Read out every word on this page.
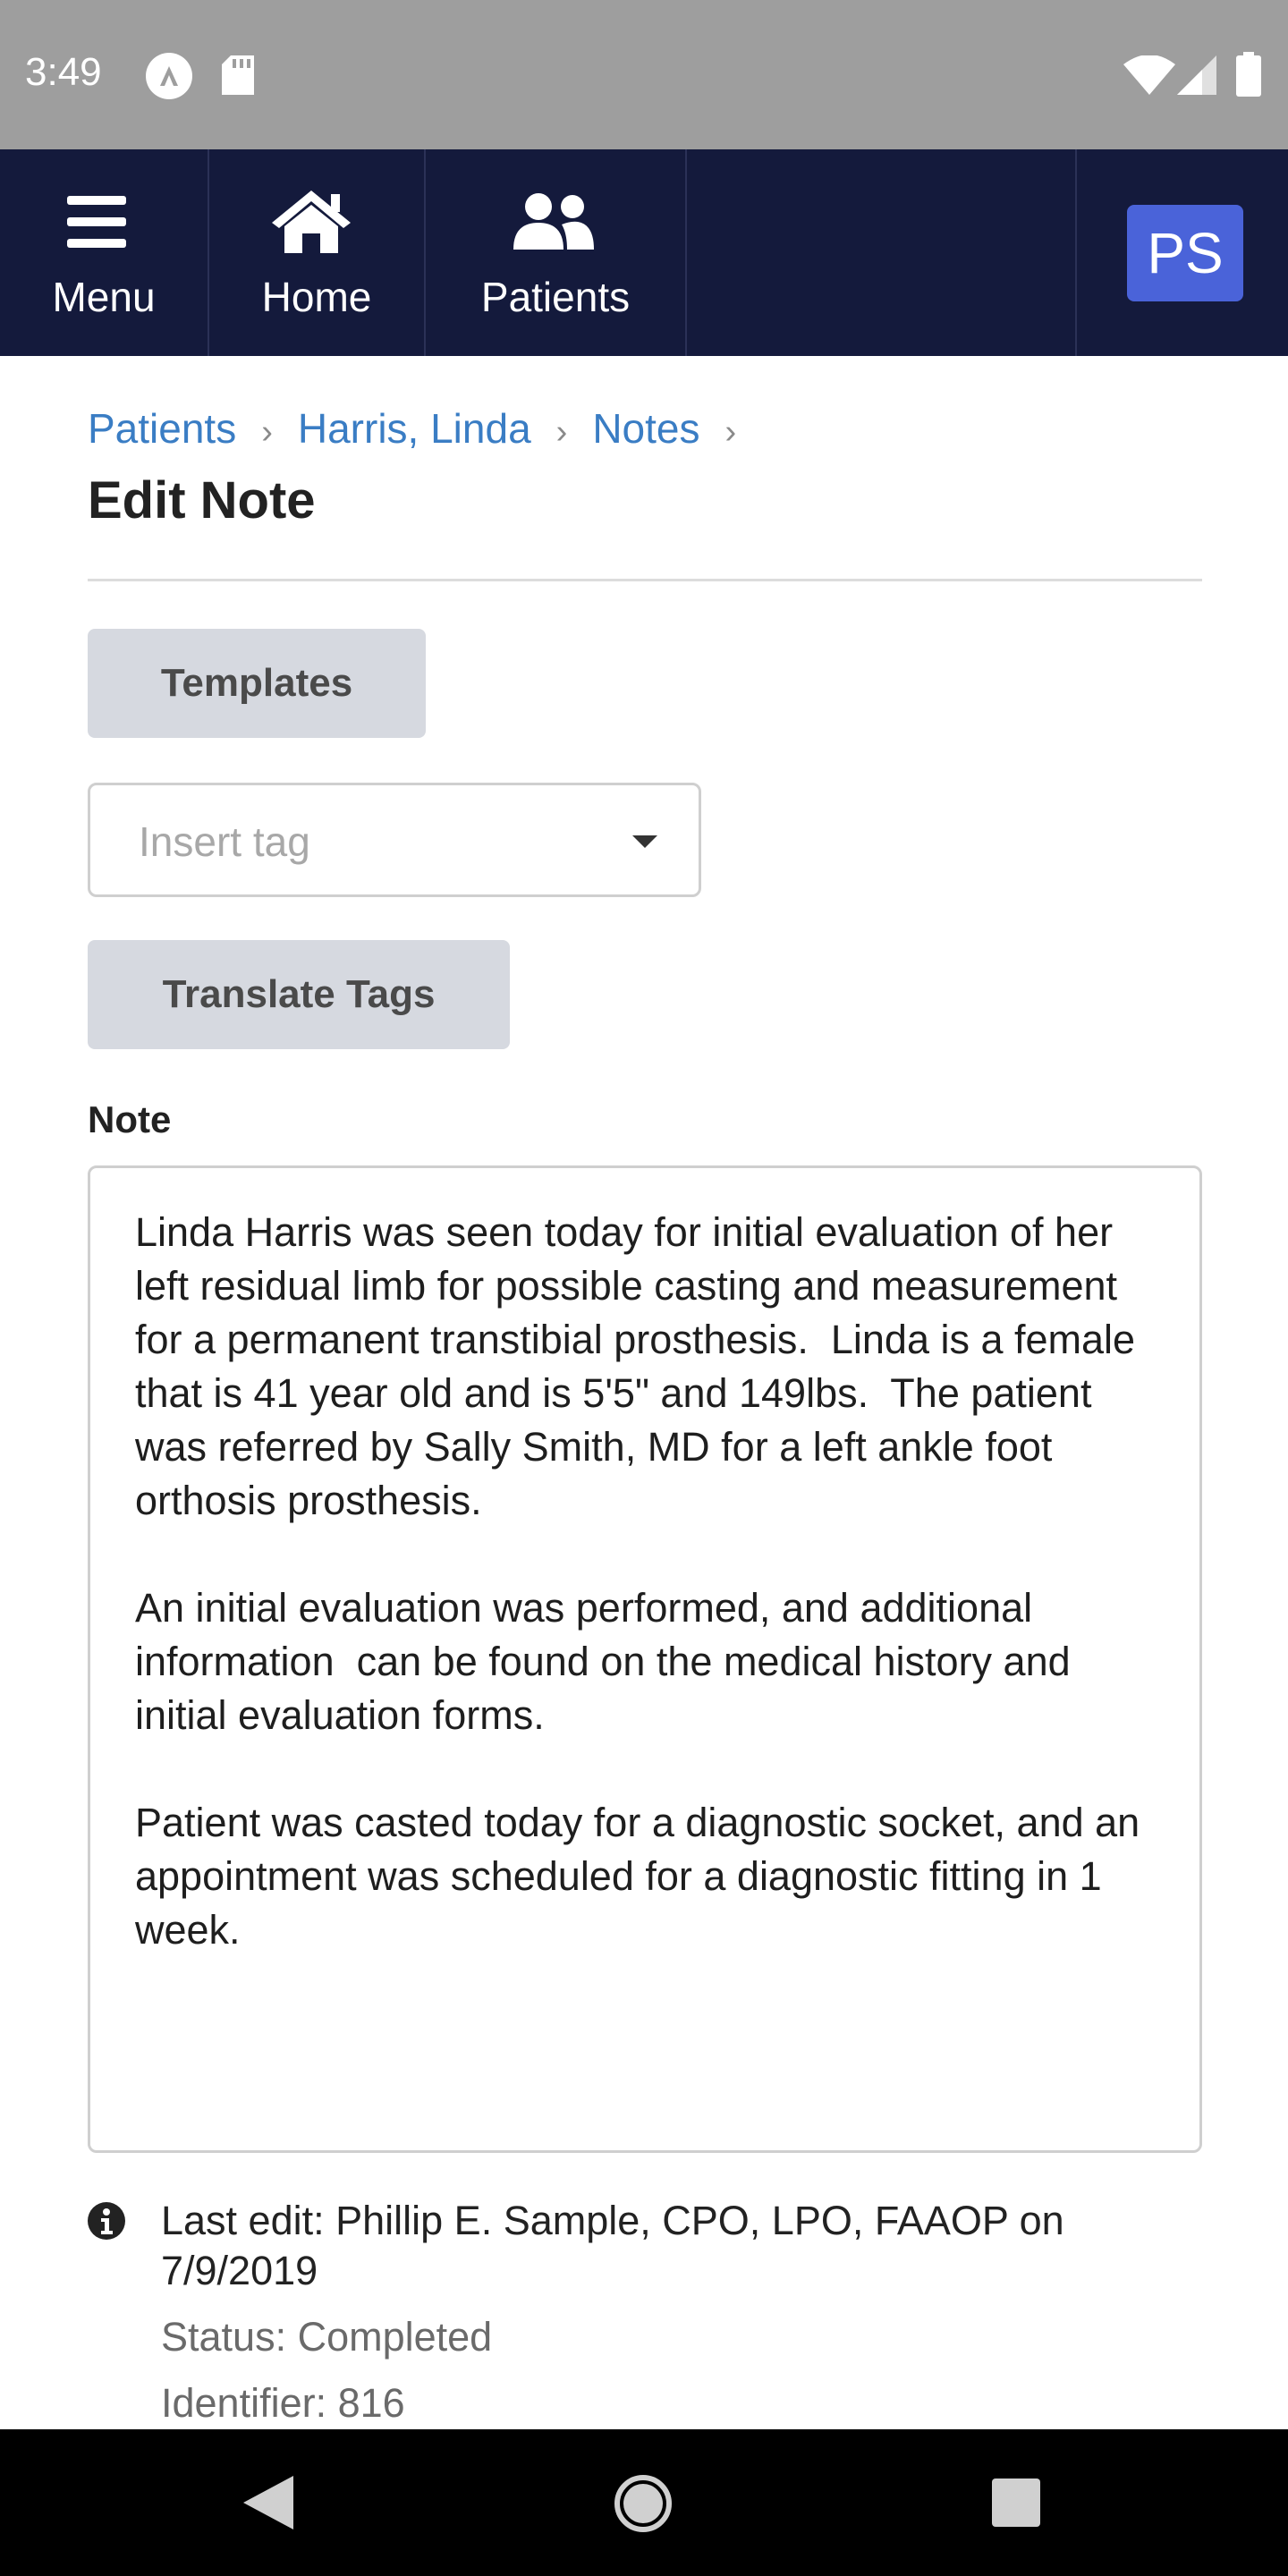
3:49
Menu	Home	Patients
PS
Patients › Harris, Linda › Notes ›
Edit Note
Templates
Insert tag
Translate Tags
Note
Linda Harris was seen today for initial evaluation of her left residual limb for possible casting and measurement for a permanent transtibial prosthesis.  Linda is a female that is 41 year old and is 5'5" and 149lbs.  The patient was referred by Sally Smith, MD for a left ankle foot orthosis prosthesis.

An initial evaluation was performed, and additional information  can be found on the medical history and initial evaluation forms.

Patient was casted today for a diagnostic socket, and an appointment was scheduled for a diagnostic fitting in 1 week.
Last edit: Phillip E. Sample, CPO, LPO, FAAOP on
7/9/2019
Status: Completed
Identifier: 816
